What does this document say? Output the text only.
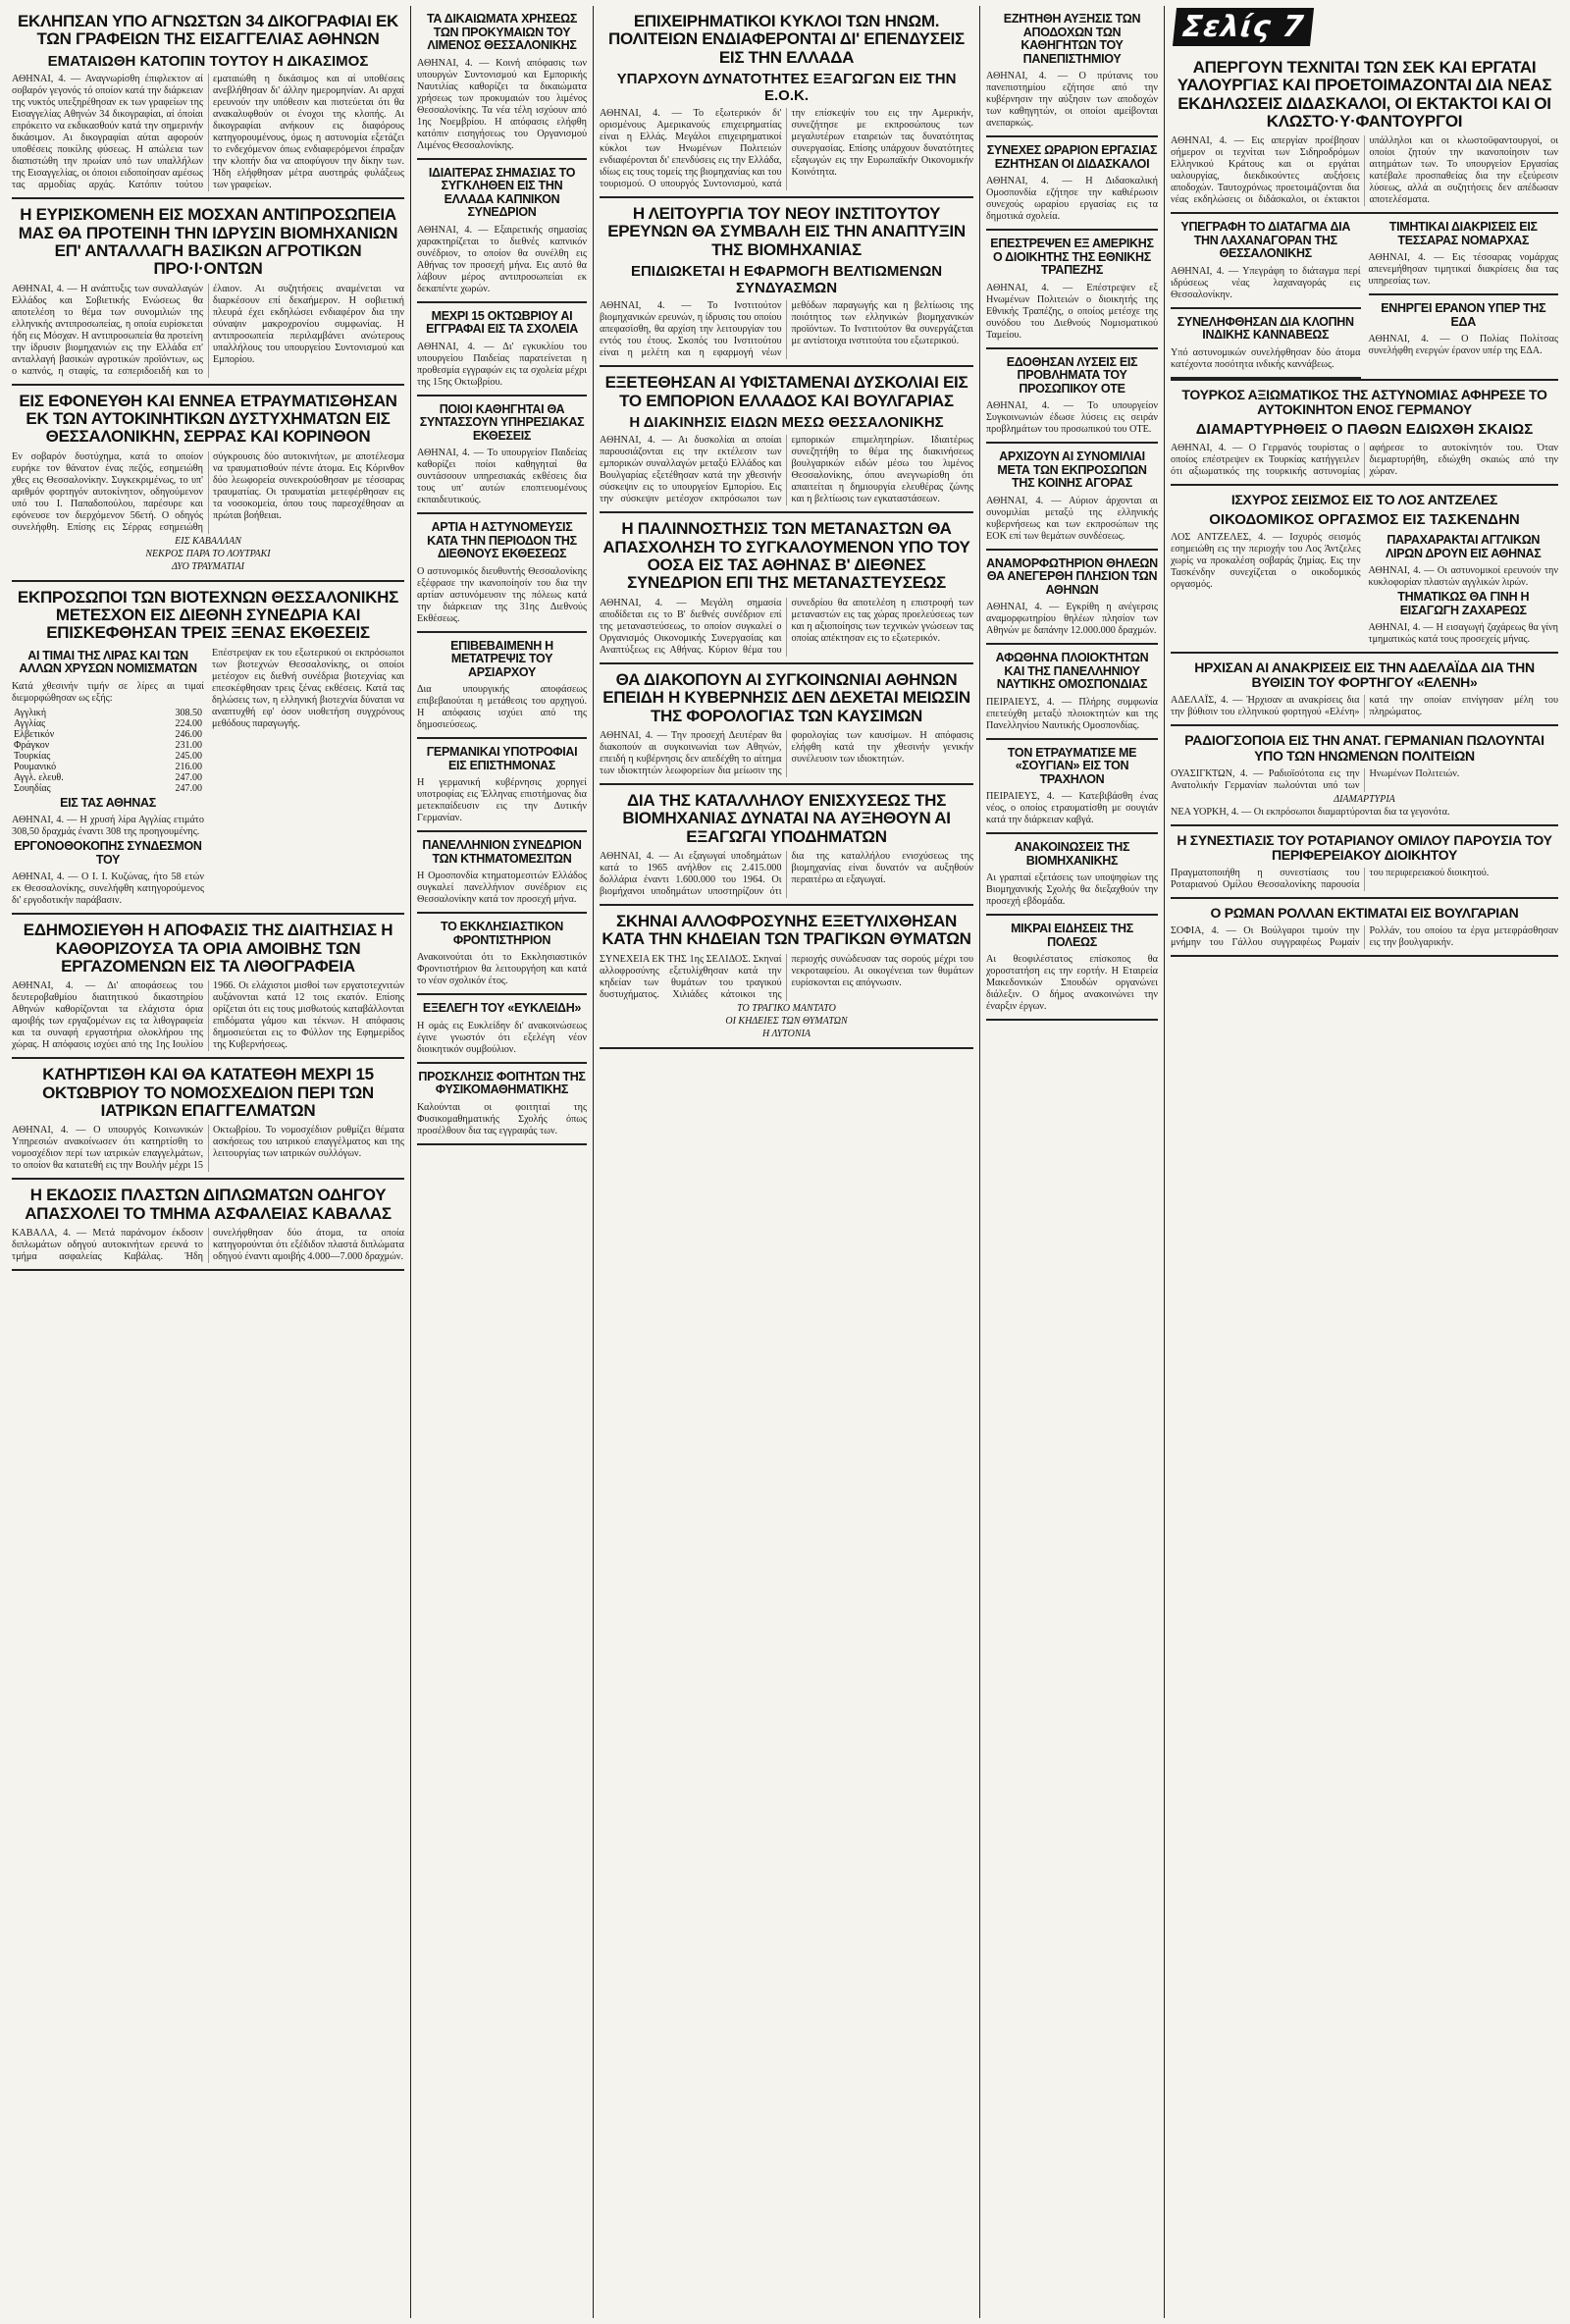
ΕΚΛΗΠΣΑΝ ΥΠΟ ΑΓΝΩΣΤΩΝ 34 ΔΙΚΟΓΡΑΦΙΑΙ ΕΚ ΤΩΝ ΓΡΑΦΕΙΩΝ ΤΗΣ ΕΙΣΑΓΓΕΛΙΑΣ ΑΘΗΝΩΝ
ΕΜΑΤΑΙΩΘΗ ΚΑΤΟΠΙΝ ΤΟΥΤΟΥ Η ΔΙΚΑΣΙΜΟΣ

ΑΘΗΝΑΙ, 4. — Αναγνωρίσθη έπιφλεκτον αί σοβαρόν γεγονός τό οποίον κατά την διάρκειαν της νυκτός υπεξηρέθησαν εκ των γραφείων της Εισαγγελίας Αθηνών 34 δικογραφίαι, αί όποίαι επρόκειτο να εκδικασθούν κατά την σημερινήν δικάσιμον. Αι δικογραφίαι αύται αφορούν υποθέσεις ποικίλης φύσεως. Η απώλεια των διαπιστώθη την πρωίαν υπό των υπαλλήλων της Εισαγγελίας, οι όποιοι ειδοποίησαν αμέσως τας αρμοδίας αρχάς. Κατόπιν τούτου εματαιώθη η δικάσιμος και αί υποθέσεις ανεβλήθησαν δι' άλλην ημερομηνίαν. Αι αρχαί ερευνούν την υπόθεσιν και πιστεύεται ότι θα ανακαλυφθούν οι ένοχοι της κλοπής. Αι δικογραφίαι ανήκουν εις διαφόρους κατηγορουμένους, όμως η αστυνομία εξετάζει το ενδεχόμενον όπως ενδιαφερόμενοι έπραξαν την κλοπήν δια να αποφύγουν την δίκην των. Ήδη ελήφθησαν μέτρα αυστηράς φυλάξεως των γραφείων.

Η ΕΥΡΙΣΚΟΜΕΝΗ ΕΙΣ ΜΟΣΧΑΝ ΑΝΤΙΠΡΟΣΩΠΕΙΑ ΜΑΣ ΘΑ ΠΡΟΤΕΙΝΗ ΤΗΝ ΙΔΡΥΣΙΝ ΒΙΟΜΗΧΑΝΙΩΝ ΕΠ' ΑΝΤΑΛΛΑΓΗ ΒΑΣΙΚΩΝ ΑΓΡΟΤΙΚΩΝ ΠΡΟ·Ι·ΟΝΤΩΝ

ΑΘΗΝΑΙ, 4. — Η ανάπτυξις των συναλλαγών Ελλάδος και Σοβιετικής Ενώσεως θα αποτελέση το θέμα των συνομιλιών της ελληνικής αντιπροσωπείας, η οποία ευρίσκεται ήδη εις Μόσχαν. Η αντιπροσωπεία θα προτείνη την ίδρυσιν βιομηχανιών εις την Ελλάδα επ' ανταλλαγή βασικών αγροτικών προϊόντων, ως ο καπνός, η σταφίς, τα εσπεριδοειδή και το έλαιον. Αι συζητήσεις αναμένεται να διαρκέσουν επί δεκαήμερον. Η σοβιετική πλευρά έχει εκδηλώσει ενδιαφέρον δια την σύναψιν μακροχρονίου συμφωνίας. Η αντιπροσωπεία περιλαμβάνει ανώτερους υπαλλήλους του υπουργείου Συντονισμού και Εμπορίου.

ΕΙΣ ΕΦΟΝΕΥΘΗ ΚΑΙ ΕΝΝΕΑ ΕΤΡΑΥΜΑΤΙΣΘΗΣΑΝ ΕΚ ΤΩΝ ΑΥΤΟΚΙΝΗΤΙΚΩΝ ΔΥΣΤΥΧΗΜΑΤΩΝ ΕΙΣ ΘΕΣΣΑΛΟΝΙΚΗΝ, ΣΕΡΡΑΣ ΚΑΙ ΚΟΡΙΝΘΟΝ

Εν σοβαρόν δυστύχημα, κατά το οποίον ευρήκε τον θάνατον ένας πεζός, εσημειώθη χθες εις Θεσσαλονίκην. Συγκεκριμένως, το υπ' αριθμόν φορτηγόν αυτοκίνητον, οδηγούμενον υπό του Ι. Παπαδοπούλου, παρέσυρε και εφόνευσε τον διερχόμενον 56ετή. Ο οδηγός συνελήφθη. Επίσης εις Σέρρας εσημειώθη σύγκρουσις δύο αυτοκινήτων, με αποτέλεσμα να τραυματισθούν πέντε άτομα. Εις Κόρινθον δύο λεωφορεία συνεκρούσθησαν με τέσσαρας τραυματίας. Οι τραυματίαι μετεφέρθησαν εις τα νοσοκομεία, όπου τους παρεσχέθησαν αι πρώται βοήθειαι.

ΕΙΣ ΚΑΒΑΛΛΑΝ
ΝΕΚΡΟΣ ΠΑΡΑ ΤΟ ΛΟΥΤΡΑΚΙ
ΔΥΟ ΤΡΑΥΜΑΤΙΑΙ
ΕΚΠΡΟΣΩΠΟΙ ΤΩΝ ΒΙΟΤΕΧΝΩΝ ΘΕΣΣΑΛΟΝΙΚΗΣ ΜΕΤΕΣΧΟΝ ΕΙΣ ΔΙΕΘΝΗ ΣΥΝΕΔΡΙΑ ΚΑΙ ΕΠΙΣΚΕΦΘΗΣΑΝ ΤΡΕΙΣ ΞΕΝΑΣ ΕΚΘΕΣΕΙΣ
ΑΙ ΤΙΜΑΙ ΤΗΣ ΛΙΡΑΣ ΚΑΙ ΤΩΝ ΑΛΛΩΝ ΧΡΥΣΩΝ ΝΟΜΙΣΜΑΤΩΝ

Κατά χθεσινήν τιμήν σε λίρες αι τιμαί διεμορφώθησαν ως εξής:

Αγγλική	308.50
Αγγλίας	224.00
Ελβετικόν	246.00
Φράγκον	231.00
Τουρκίας	245.00
Ρουμανικό	216.00
Αγγλ. ελευθ.	247.00
Σουηδίας	247.00
ΕΙΣ ΤΑΣ ΑΘΗΝΑΣ

ΑΘΗΝΑΙ, 4. — Η χρυσή λίρα Αγγλίας ετιμάτο 308,50 δραχμάς έναντι 308 της προηγουμένης.

ΕΡΓΟΝΟΘΟΚΟΠΗΣ ΣΥΝΔΕΣΜΟΝ ΤΟΥ

ΑΘΗΝΑΙ, 4. — Ο Ι. Ι. Κυζώνας, ήτο 58 ετών εκ Θεσσαλονίκης, συνελήφθη κατηγορούμενος δι' εργοδοτικήν παράβασιν.

Επέστρεψαν εκ του εξωτερικού οι εκπρόσωποι των βιοτεχνών Θεσσαλονίκης, οι οποίοι μετέσχον εις διεθνή συνέδρια βιοτεχνίας και επεσκέφθησαν τρεις ξένας εκθέσεις. Κατά τας δηλώσεις των, η ελληνική βιοτεχνία δύναται να αναπτυχθή εφ' όσον υιοθετήση συγχρόνους μεθόδους παραγωγής.

ΕΔΗΜΟΣΙΕΥΘΗ Η ΑΠΟΦΑΣΙΣ ΤΗΣ ΔΙΑΙΤΗΣΙΑΣ Η ΚΑΘΟΡΙΖΟΥΣΑ ΤΑ ΟΡΙΑ ΑΜΟΙΒΗΣ ΤΩΝ ΕΡΓΑΖΟΜΕΝΩΝ ΕΙΣ ΤΑ ΛΙΘΟΓΡΑΦΕΙΑ

ΑΘΗΝΑΙ, 4. — Δι' αποφάσεως του δευτεροβαθμίου διαιτητικού δικαστηρίου Αθηνών καθορίζονται τα ελάχιστα όρια αμοιβής των εργαζομένων εις τα λιθογραφεία και τα συναφή εργαστήρια ολοκλήρου της χώρας. Η απόφασις ισχύει από της 1ης Ιουλίου 1966. Οι ελάχιστοι μισθοί των εργατοτεχνιτών αυξάνονται κατά 12 τοις εκατόν. Επίσης ορίζεται ότι εις τους μισθωτούς καταβάλλονται επιδόματα γάμου και τέκνων. Η απόφασις δημοσιεύεται εις το Φύλλον της Εφημερίδος της Κυβερνήσεως.

ΚΑΤΗΡΤΙΣΘΗ ΚΑΙ ΘΑ ΚΑΤΑΤΕΘΗ ΜΕΧΡΙ 15 ΟΚΤΩΒΡΙΟΥ ΤΟ ΝΟΜΟΣΧΕΔΙΟΝ ΠΕΡΙ ΤΩΝ ΙΑΤΡΙΚΩΝ ΕΠΑΓΓΕΛΜΑΤΩΝ

ΑΘΗΝΑΙ, 4. — Ο υπουργός Κοινωνικών Υπηρεσιών ανακοίνωσεν ότι κατηρτίσθη το νομοσχέδιον περί των ιατρικών επαγγελμάτων, το οποίον θα κατατεθή εις την Βουλήν μέχρι 15 Οκτωβρίου. Το νομοσχέδιον ρυθμίζει θέματα ασκήσεως του ιατρικού επαγγέλματος και της λειτουργίας των ιατρικών συλλόγων.

Η ΕΚΔΟΣΙΣ ΠΛΑΣΤΩΝ ΔΙΠΛΩΜΑΤΩΝ ΟΔΗΓΟΥ ΑΠΑΣΧΟΛΕΙ ΤΟ ΤΜΗΜΑ ΑΣΦΑΛΕΙΑΣ ΚΑΒΑΛΑΣ

ΚΑΒΑΛΑ, 4. — Μετά παράνομον έκδοσιν διπλωμάτων οδηγού αυτοκινήτων ερευνά το τμήμα ασφαλείας Καβάλας. Ήδη συνελήφθησαν δύο άτομα, τα οποία κατηγορούνται ότι εξέδιδον πλαστά διπλώματα οδηγού έναντι αμοιβής 4.000—7.000 δραχμών.

ΤΑ ΔΙΚΑΙΩΜΑΤΑ ΧΡΗΣΕΩΣ ΤΩΝ ΠΡΟΚΥΜΑΙΩΝ ΤΟΥ ΛΙΜΕΝΟΣ ΘΕΣΣΑΛΟΝΙΚΗΣ

ΑΘΗΝΑΙ, 4. — Κοινή απόφασις των υπουργών Συντονισμού και Εμπορικής Ναυτιλίας καθορίζει τα δικαιώματα χρήσεως των προκυμαιών του λιμένος Θεσσαλονίκης. Τα νέα τέλη ισχύουν από 1ης Νοεμβρίου. Η απόφασις ελήφθη κατόπιν εισηγήσεως του Οργανισμού Λιμένος Θεσσαλονίκης.

ΙΔΙΑΙΤΕΡΑΣ ΣΗΜΑΣΙΑΣ ΤΟ ΣΥΓΚΛΗΘΕΝ ΕΙΣ ΤΗΝ ΕΛΛΑΔΑ ΚΑΠΝΙΚΟΝ ΣΥΝΕΔΡΙΟΝ

ΑΘΗΝΑΙ, 4. — Εξαιρετικής σημασίας χαρακτηρίζεται το διεθνές καπνικόν συνέδριον, το οποίον θα συνέλθη εις Αθήνας τον προσεχή μήνα. Εις αυτό θα λάβουν μέρος αντιπροσωπείαι εκ δεκαπέντε χωρών.

ΜΕΧΡΙ 15 ΟΚΤΩΒΡΙΟΥ ΑΙ ΕΓΓΡΑΦΑΙ ΕΙΣ ΤΑ ΣΧΟΛΕΙΑ

ΑΘΗΝΑΙ, 4. — Δι' εγκυκλίου του υπουργείου Παιδείας παρατείνεται η προθεσμία εγγραφών εις τα σχολεία μέχρι της 15ης Οκτωβρίου.

ΠΟΙΟΙ ΚΑΘΗΓΗΤΑΙ ΘΑ ΣΥΝΤΑΣΣΟΥΝ ΥΠΗΡΕΣΙΑΚΑΣ ΕΚΘΕΣΕΙΣ

ΑΘΗΝΑΙ, 4. — Το υπουργείον Παιδείας καθορίζει ποίοι καθηγηταί θα συντάσσουν υπηρεσιακάς εκθέσεις δια τους υπ' αυτών εποπτευομένους εκπαιδευτικούς.

ΑΡΤΙΑ Η ΑΣΤΥΝΟΜΕΥΣΙΣ ΚΑΤΑ ΤΗΝ ΠΕΡΙΟΔΟΝ ΤΗΣ ΔΙΕΘΝΟΥΣ ΕΚΘΕΣΕΩΣ

Ο αστυνομικός διευθυντής Θεσσαλονίκης εξέφρασε την ικανοποίησίν του δια την αρτίαν αστυνόμευσιν της πόλεως κατά την διάρκειαν της 31ης Διεθνούς Εκθέσεως.

ΕΠΙΒΕΒΑΙΜΕΝΗ Η ΜΕΤΑΤΡΕΨΙΣ ΤΟΥ ΑΡΣΙΑΡΧΟΥ

Δια υπουργικής αποφάσεως επιβεβαιούται η μετάθεσις του αρχηγού. Η απόφασις ισχύει από της δημοσιεύσεως.

ΓΕΡΜΑΝΙΚΑΙ ΥΠΟΤΡΟΦΙΑΙ ΕΙΣ ΕΠΙΣΤΗΜΟΝΑΣ

Η γερμανική κυβέρνησις χορηγεί υποτροφίας εις Έλληνας επιστήμονας δια μετεκπαίδευσιν εις την Δυτικήν Γερμανίαν.

ΠΑΝΕΛΛΗΝΙΟΝ ΣΥΝΕΔΡΙΟΝ ΤΩΝ ΚΤΗΜΑΤΟΜΕΣΙΤΩΝ

Η Ομοσπονδία κτηματομεσιτών Ελλάδος συγκαλεί πανελλήνιον συνέδριον εις Θεσσαλονίκην κατά τον προσεχή μήνα.

ΤΟ ΕΚΚΛΗΣΙΑΣΤΙΚΟΝ ΦΡΟΝΤΙΣΤΗΡΙΟΝ

Ανακοινούται ότι το Εκκλησιαστικόν Φροντιστήριον θα λειτουργήση και κατά το νέον σχολικόν έτος.

ΕΞΕΛΕΓΗ ΤΟΥ «ΕΥΚΛΕΙΔΗ»

Η ομάς εις Ευκλείδην δι' ανακοινώσεως έγινε γνωστόν ότι εξελέγη νέον διοικητικόν συμβούλιον.

ΠΡΟΣΚΛΗΣΙΣ ΦΟΙΤΗΤΩΝ ΤΗΣ ΦΥΣΙΚΟΜΑΘΗΜΑΤΙΚΗΣ

Καλούνται οι φοιτηταί της Φυσικομαθηματικής Σχολής όπως προσέλθουν δια τας εγγραφάς των.

ΕΠΙΧΕΙΡΗΜΑΤΙΚΟΙ ΚΥΚΛΟΙ ΤΩΝ ΗΝΩΜ. ΠΟΛΙΤΕΙΩΝ ΕΝΔΙΑΦΕΡΟΝΤΑΙ ΔΙ' ΕΠΕΝΔΥΣΕΙΣ ΕΙΣ ΤΗΝ ΕΛΛΑΔΑ
ΥΠΑΡΧΟΥΝ ΔΥΝΑΤΟΤΗΤΕΣ ΕΞΑΓΩΓΩΝ ΕΙΣ ΤΗΝ Ε.Ο.Κ.

ΑΘΗΝΑΙ, 4. — Το εξωτερικόν δι' ορισμένους Αμερικανούς επιχειρηματίας είναι η Ελλάς. Μεγάλοι επιχειρηματικοί κύκλοι των Ηνωμένων Πολιτειών ενδιαφέρονται δι' επενδύσεις εις την Ελλάδα, ιδίως εις τους τομείς της βιομηχανίας και του τουρισμού. Ο υπουργός Συντονισμού, κατά την επίσκεψίν του εις την Αμερικήν, συνεζήτησε με εκπροσώπους των μεγαλυτέρων εταιρειών τας δυνατότητας συνεργασίας. Επίσης υπάρχουν δυνατότητες εξαγωγών εις την Ευρωπαϊκήν Οικονομικήν Κοινότητα.

Η ΛΕΙΤΟΥΡΓΙΑ ΤΟΥ ΝΕΟΥ ΙΝΣΤΙΤΟΥΤΟΥ ΕΡΕΥΝΩΝ ΘΑ ΣΥΜΒΑΛΗ ΕΙΣ ΤΗΝ ΑΝΑΠΤΥΞΙΝ ΤΗΣ ΒΙΟΜΗΧΑΝΙΑΣ
ΕΠΙΔΙΩΚΕΤΑΙ Η ΕΦΑΡΜΟΓΗ ΒΕΛΤΙΩΜΕΝΩΝ ΣΥΝΔΥΑΣΜΩΝ

ΑΘΗΝΑΙ, 4. — Το Ινστιτούτον βιομηχανικών ερευνών, η ίδρυσις του οποίου απεφασίσθη, θα αρχίση την λειτουργίαν του εντός του έτους. Σκοπός του Ινστιτούτου είναι η μελέτη και η εφαρμογή νέων μεθόδων παραγωγής και η βελτίωσις της ποιότητος των ελληνικών βιομηχανικών προϊόντων. Το Ινστιτούτον θα συνεργάζεται με αντίστοιχα ινστιτούτα του εξωτερικού.

ΕΞΕΤΕΘΗΣΑΝ ΑΙ ΥΦΙΣΤΑΜΕΝΑΙ ΔΥΣΚΟΛΙΑΙ ΕΙΣ ΤΟ ΕΜΠΟΡΙΟΝ ΕΛΛΑΔΟΣ ΚΑΙ ΒΟΥΛΓΑΡΙΑΣ
Η ΔΙΑΚΙΝΗΣΙΣ ΕΙΔΩΝ ΜΕΣΩ ΘΕΣΣΑΛΟΝΙΚΗΣ

ΑΘΗΝΑΙ, 4. — Αι δυσκολίαι αι οποίαι παρουσιάζονται εις την εκτέλεσιν των εμπορικών συναλλαγών μεταξύ Ελλάδος και Βουλγαρίας εξετέθησαν κατά την χθεσινήν σύσκεψιν εις το υπουργείον Εμπορίου. Εις την σύσκεψιν μετέσχον εκπρόσωποι των εμπορικών επιμελητηρίων. Ιδιαιτέρως συνεζητήθη το θέμα της διακινήσεως βουλγαρικών ειδών μέσω του λιμένος Θεσσαλονίκης, όπου ανεγνωρίσθη ότι απαιτείται η δημιουργία ελευθέρας ζώνης και η βελτίωσις των εγκαταστάσεων.

Η ΠΑΛΙΝΝΟΣΤΗΣΙΣ ΤΩΝ ΜΕΤΑΝΑΣΤΩΝ ΘΑ ΑΠΑΣΧΟΛΗΣΗ ΤΟ ΣΥΓΚΑΛΟΥΜΕΝΟΝ ΥΠΟ ΤΟΥ ΟΟΣΑ ΕΙΣ ΤΑΣ ΑΘΗΝΑΣ Β' ΔΙΕΘΝΕΣ ΣΥΝΕΔΡΙΟΝ ΕΠΙ ΤΗΣ ΜΕΤΑΝΑΣΤΕΥΣΕΩΣ

ΑΘΗΝΑΙ, 4. — Μεγάλη σημασία αποδίδεται εις το Β' διεθνές συνέδριον επί της μεταναστεύσεως, το οποίον συγκαλεί ο Οργανισμός Οικονομικής Συνεργασίας και Αναπτύξεως εις Αθήνας. Κύριον θέμα του συνεδρίου θα αποτελέση η επιστροφή των μεταναστών εις τας χώρας προελεύσεως των και η αξιοποίησις των τεχνικών γνώσεων τας οποίας απέκτησαν εις το εξωτερικόν.

ΘΑ ΔΙΑΚΟΠΟΥΝ ΑΙ ΣΥΓΚΟΙΝΩΝΙΑΙ ΑΘΗΝΩΝ ΕΠΕΙΔΗ Η ΚΥΒΕΡΝΗΣΙΣ ΔΕΝ ΔΕΧΕΤΑΙ ΜΕΙΩΣΙΝ ΤΗΣ ΦΟΡΟΛΟΓΙΑΣ ΤΩΝ ΚΑΥΣΙΜΩΝ

ΑΘΗΝΑΙ, 4. — Την προσεχή Δευτέραν θα διακοπούν αι συγκοινωνίαι των Αθηνών, επειδή η κυβέρνησις δεν απεδέχθη το αίτημα των ιδιοκτητών λεωφορείων δια μείωσιν της φορολογίας των καυσίμων. Η απόφασις ελήφθη κατά την χθεσινήν γενικήν συνέλευσιν των ιδιοκτητών.

ΔΙΑ ΤΗΣ ΚΑΤΑΛΛΗΛΟΥ ΕΝΙΣΧΥΣΕΩΣ ΤΗΣ ΒΙΟΜΗΧΑΝΙΑΣ ΔΥΝΑΤΑΙ ΝΑ ΑΥΞΗΘΟΥΝ ΑΙ ΕΞΑΓΩΓΑΙ ΥΠΟΔΗΜΑΤΩΝ

ΑΘΗΝΑΙ, 4. — Αι εξαγωγαί υποδημάτων κατά το 1965 ανήλθον εις 2.415.000 δολλάρια έναντι 1.600.000 του 1964. Οι βιομήχανοι υποδημάτων υποστηρίζουν ότι δια της καταλλήλου ενισχύσεως της βιομηχανίας είναι δυνατόν να αυξηθούν περαιτέρω αι εξαγωγαί.

ΣΚΗΝΑΙ ΑΛΛΟΦΡΟΣΥΝΗΣ ΕΞΕΤΥΛΙΧΘΗΣΑΝ ΚΑΤΑ ΤΗΝ ΚΗΔΕΙΑΝ ΤΩΝ ΤΡΑΓΙΚΩΝ ΘΥΜΑΤΩΝ

ΣΥΝΕΧΕΙΑ ΕΚ ΤΗΣ 1ης ΣΕΛΙΔΟΣ. Σκηναί αλλοφροσύνης εξετυλίχθησαν κατά την κηδείαν των θυμάτων του τραγικού δυστυχήματος. Χιλιάδες κάτοικοι της περιοχής συνώδευσαν τας σορούς μέχρι του νεκροταφείου. Αι οικογένειαι των θυμάτων ευρίσκονται εις απόγνωσιν.

ΤΟ ΤΡΑΓΙΚΟ ΜΑΝΤΑΤΟ
ΟΙ ΚΗΔΕΙΕΣ ΤΩΝ ΘΥΜΑΤΩΝ
Η ΛΥΤΟΝΙΑ
ΕΖΗΤΗΘΗ ΑΥΞΗΣΙΣ ΤΩΝ ΑΠΟΔΟΧΩΝ ΤΩΝ ΚΑΘΗΓΗΤΩΝ ΤΟΥ ΠΑΝΕΠΙΣΤΗΜΙΟΥ

ΑΘΗΝΑΙ, 4. — Ο πρύτανις του πανεπιστημίου εζήτησε από την κυβέρνησιν την αύξησιν των αποδοχών των καθηγητών, οι οποίοι αμείβονται ανεπαρκώς.

ΣΥΝΕΧΕΣ ΩΡΑΡΙΟΝ ΕΡΓΑΣΙΑΣ ΕΖΗΤΗΣΑΝ ΟΙ ΔΙΔΑΣΚΑΛΟΙ

ΑΘΗΝΑΙ, 4. — Η Διδασκαλική Ομοσπονδία εζήτησε την καθιέρωσιν συνεχούς ωραρίου εργασίας εις τα δημοτικά σχολεία.

ΕΠΕΣΤΡΕΨΕΝ ΕΞ ΑΜΕΡΙΚΗΣ Ο ΔΙΟΙΚΗΤΗΣ ΤΗΣ ΕΘΝΙΚΗΣ ΤΡΑΠΕΖΗΣ

ΑΘΗΝΑΙ, 4. — Επέστρεψεν εξ Ηνωμένων Πολιτειών ο διοικητής της Εθνικής Τραπέζης, ο οποίος μετέσχε της συνόδου του Διεθνούς Νομισματικού Ταμείου.

ΕΔΟΘΗΣΑΝ ΛΥΣΕΙΣ ΕΙΣ ΠΡΟΒΛΗΜΑΤΑ ΤΟΥ ΠΡΟΣΩΠΙΚΟΥ ΟΤΕ

ΑΘΗΝΑΙ, 4. — Το υπουργείον Συγκοινωνιών έδωσε λύσεις εις σειράν προβλημάτων του προσωπικού του ΟΤΕ.

ΑΡΧΙΖΟΥΝ ΑΙ ΣΥΝΟΜΙΛΙΑΙ ΜΕΤΑ ΤΩΝ ΕΚΠΡΟΣΩΠΩΝ ΤΗΣ ΚΟΙΝΗΣ ΑΓΟΡΑΣ

ΑΘΗΝΑΙ, 4. — Αύριον άρχονται αι συνομιλίαι μεταξύ της ελληνικής κυβερνήσεως και των εκπροσώπων της ΕΟΚ επί των θεμάτων συνδέσεως.

ΑΝΑΜΟΡΦΩΤΗΡΙΟΝ ΘΗΛΕΩΝ ΘΑ ΑΝΕΓΕΡΘΗ ΠΛΗΣΙΟΝ ΤΩΝ ΑΘΗΝΩΝ

ΑΘΗΝΑΙ, 4. — Εγκρίθη η ανέγερσις αναμορφωτηρίου θηλέων πλησίον των Αθηνών με δαπάνην 12.000.000 δραχμών.

ΑΦΩΘΗΝΑ ΠΛΟΙΟΚΤΗΤΩΝ ΚΑΙ ΤΗΣ ΠΑΝΕΛΛΗΝΙΟΥ ΝΑΥΤΙΚΗΣ ΟΜΟΣΠΟΝΔΙΑΣ

ΠΕΙΡΑΙΕΥΣ, 4. — Πλήρης συμφωνία επετεύχθη μεταξύ πλοιοκτητών και της Πανελληνίου Ναυτικής Ομοσπονδίας.

ΤΟΝ ΕΤΡΑΥΜΑΤΙΣΕ ΜΕ «ΣΟΥΓΙΑΝ» ΕΙΣ ΤΟΝ ΤΡΑΧΗΛΟΝ

ΠΕΙΡΑΙΕΥΣ, 4. — Κατεβιβάσθη ένας νέος, ο οποίος ετραυματίσθη με σουγιάν κατά την διάρκειαν καβγά.

ΑΝΑΚΟΙΝΩΣΕΙΣ ΤΗΣ ΒΙΟΜΗΧΑΝΙΚΗΣ

Αι γραπταί εξετάσεις των υποψηφίων της Βιομηχανικής Σχολής θα διεξαχθούν την προσεχή εβδομάδα.

ΜΙΚΡΑΙ ΕΙΔΗΣΕΙΣ ΤΗΣ ΠΟΛΕΩΣ

Αι θεοφιλέστατος επίσκοπος θα χοροστατήση εις την εορτήν. Η Εταιρεία Μακεδονικών Σπουδών οργανώνει διάλεξιν. Ο δήμος ανακοινώνει την έναρξιν έργων.

Σελίς 7
ΑΠΕΡΓΟΥΝ ΤΕΧΝΙΤΑΙ ΤΩΝ ΣΕΚ ΚΑΙ ΕΡΓΑΤΑΙ ΥΑΛΟΥΡΓΙΑΣ ΚΑΙ ΠΡΟΕΤΟΙΜΑΖΟΝΤΑΙ ΔΙΑ ΝΕΑΣ ΕΚΔΗΛΩΣΕΙΣ ΔΙΔΑΣΚΑΛΟΙ, ΟΙ ΕΚΤΑΚΤΟΙ ΚΑΙ ΟΙ ΚΛΩΣΤΟ·Υ·ΦΑΝΤΟΥΡΓΟΙ

ΑΘΗΝΑΙ, 4. — Εις απεργίαν προέβησαν σήμερον οι τεχνίται των Σιδηροδρόμων Ελληνικού Κράτους και οι εργάται υαλουργίας, διεκδικούντες αυξήσεις αποδοχών. Ταυτοχρόνως προετοιμάζονται δια νέας εκδηλώσεις οι διδάσκαλοι, οι έκτακτοι υπάλληλοι και οι κλωστοϋφαντουργοί, οι οποίοι ζητούν την ικανοποίησιν των αιτημάτων των. Το υπουργείον Εργασίας κατέβαλε προσπαθείας δια την εξεύρεσιν λύσεως, αλλά αι συζητήσεις δεν απέδωσαν αποτελέσματα.

ΥΠΕΓΡΑΦΗ ΤΟ ΔΙΑΤΑΓΜΑ ΔΙΑ ΤΗΝ ΛΑΧΑΝΑΓΟΡΑΝ ΤΗΣ ΘΕΣΣΑΛΟΝΙΚΗΣ

ΑΘΗΝΑΙ, 4. — Υπεγράφη το διάταγμα περί ιδρύσεως νέας λαχαναγοράς εις Θεσσαλονίκην.

ΣΥΝΕΛΗΦΘΗΣΑΝ ΔΙΑ ΚΛΟΠΗΝ ΙΝΔΙΚΗΣ ΚΑΝΝΑΒΕΩΣ

Υπό αστυνομικών συνελήφθησαν δύο άτομα κατέχοντα ποσότητα ινδικής καννάβεως.

ΤΙΜΗΤΙΚΑΙ ΔΙΑΚΡΙΣΕΙΣ ΕΙΣ ΤΕΣΣΑΡΑΣ ΝΟΜΑΡΧΑΣ

ΑΘΗΝΑΙ, 4. — Εις τέσσαρας νομάρχας απενεμήθησαν τιμητικαί διακρίσεις δια τας υπηρεσίας των.

ΕΝΗΡΓΕΙ ΕΡΑΝΟΝ ΥΠΕΡ ΤΗΣ ΕΔΑ

ΑΘΗΝΑΙ, 4. — Ο Πολίας Πολίτσας συνελήφθη ενεργών έρανον υπέρ της ΕΔΑ.

ΤΟΥΡΚΟΣ ΑΞΙΩΜΑΤΙΚΟΣ ΤΗΣ ΑΣΤΥΝΟΜΙΑΣ ΑΦΗΡΕΣΕ ΤΟ ΑΥΤΟΚΙΝΗΤΟΝ ΕΝΟΣ ΓΕΡΜΑΝΟΥ
ΔΙΑΜΑΡΤΥΡΗΘΕΙΣ Ο ΠΑΘΩΝ ΕΔΙΩΧΘΗ ΣΚΑΙΩΣ

ΑΘΗΝΑΙ, 4. — Ο Γερμανός τουρίστας ο οποίος επέστρεψεν εκ Τουρκίας κατήγγειλεν ότι αξιωματικός της τουρκικής αστυνομίας αφήρεσε το αυτοκίνητόν του. Όταν διεμαρτυρήθη, εδιώχθη σκαιώς από την χώραν.

ΙΣΧΥΡΟΣ ΣΕΙΣΜΟΣ ΕΙΣ ΤΟ ΛΟΣ ΑΝΤΖΕΛΕΣ
ΟΙΚΟΔΟΜΙΚΟΣ ΟΡΓΑΣΜΟΣ ΕΙΣ ΤΑΣΚΕΝΔΗΝ

ΛΟΣ ΑΝΤΖΕΛΕΣ, 4. — Ισχυρός σεισμός εσημειώθη εις την περιοχήν του Λος Άντζελες χωρίς να προκαλέση σοβαράς ζημίας. Εις την Τασκένδην συνεχίζεται ο οικοδομικός οργασμός.

ΠΑΡΑΧΑΡΑΚΤΑΙ ΑΓΓΛΙΚΩΝ ΛΙΡΩΝ ΔΡΟΥΝ ΕΙΣ ΑΘΗΝΑΣ

ΑΘΗΝΑΙ, 4. — Οι αστυνομικοί ερευνούν την κυκλοφορίαν πλαστών αγγλικών λιρών.

ΤΗΜΑΤΙΚΩΣ ΘΑ ΓΙΝΗ Η ΕΙΣΑΓΩΓΗ ΖΑΧΑΡΕΩΣ

ΑΘΗΝΑΙ, 4. — Η εισαγωγή ζαχάρεως θα γίνη τμηματικώς κατά τους προσεχείς μήνας.

ΗΡΧΙΣΑΝ ΑΙ ΑΝΑΚΡΙΣΕΙΣ ΕΙΣ ΤΗΝ ΑΔΕΛΑΪΔΑ ΔΙΑ ΤΗΝ ΒΥΘΙΣΙΝ ΤΟΥ ΦΟΡΤΗΓΟΥ «ΕΛΕΝΗ»

ΑΔΕΛΑΪΣ, 4. — Ήρχισαν αι ανακρίσεις δια την βύθισιν του ελληνικού φορτηγού «Ελένη» κατά την οποίαν επνίγησαν μέλη του πληρώματος.

ΡΑΔΙΟΓΣΟΠΟΙΑ ΕΙΣ ΤΗΝ ΑΝΑΤ. ΓΕΡΜΑΝΙΑΝ ΠΩΛΟΥΝΤΑΙ ΥΠΟ ΤΩΝ ΗΝΩΜΕΝΩΝ ΠΟΛΙΤΕΙΩΝ

ΟΥΑΣΙΓΚΤΩΝ, 4. — Ραδιοϊσότοπα εις την Ανατολικήν Γερμανίαν πωλούνται υπό των Ηνωμένων Πολιτειών.

ΔΙΑΜΑΡΤΥΡΙΑ

ΝΕΑ ΥΟΡΚΗ, 4. — Οι εκπρόσωποι διαμαρτύρονται δια τα γεγονότα.

Η ΣΥΝΕΣΤΙΑΣΙΣ ΤΟΥ ΡΟΤΑΡΙΑΝΟΥ ΟΜΙΛΟΥ ΠΑΡΟΥΣΙΑ ΤΟΥ ΠΕΡΙΦΕΡΕΙΑΚΟΥ ΔΙΟΙΚΗΤΟΥ

Πραγματοποιήθη η συνεστίασις του Ροταριανού Ομίλου Θεσσαλονίκης παρουσία του περιφερειακού διοικητού.

Ο ΡΩΜΑΝ ΡΟΛΛΑΝ ΕΚΤΙΜΑΤΑΙ ΕΙΣ ΒΟΥΛΓΑΡΙΑΝ

ΣΟΦΙΑ, 4. — Οι Βούλγαροι τιμούν την μνήμην του Γάλλου συγγραφέως Ρωμαίν Ρολλάν, του οποίου τα έργα μετεφράσθησαν εις την βουλγαρικήν.
